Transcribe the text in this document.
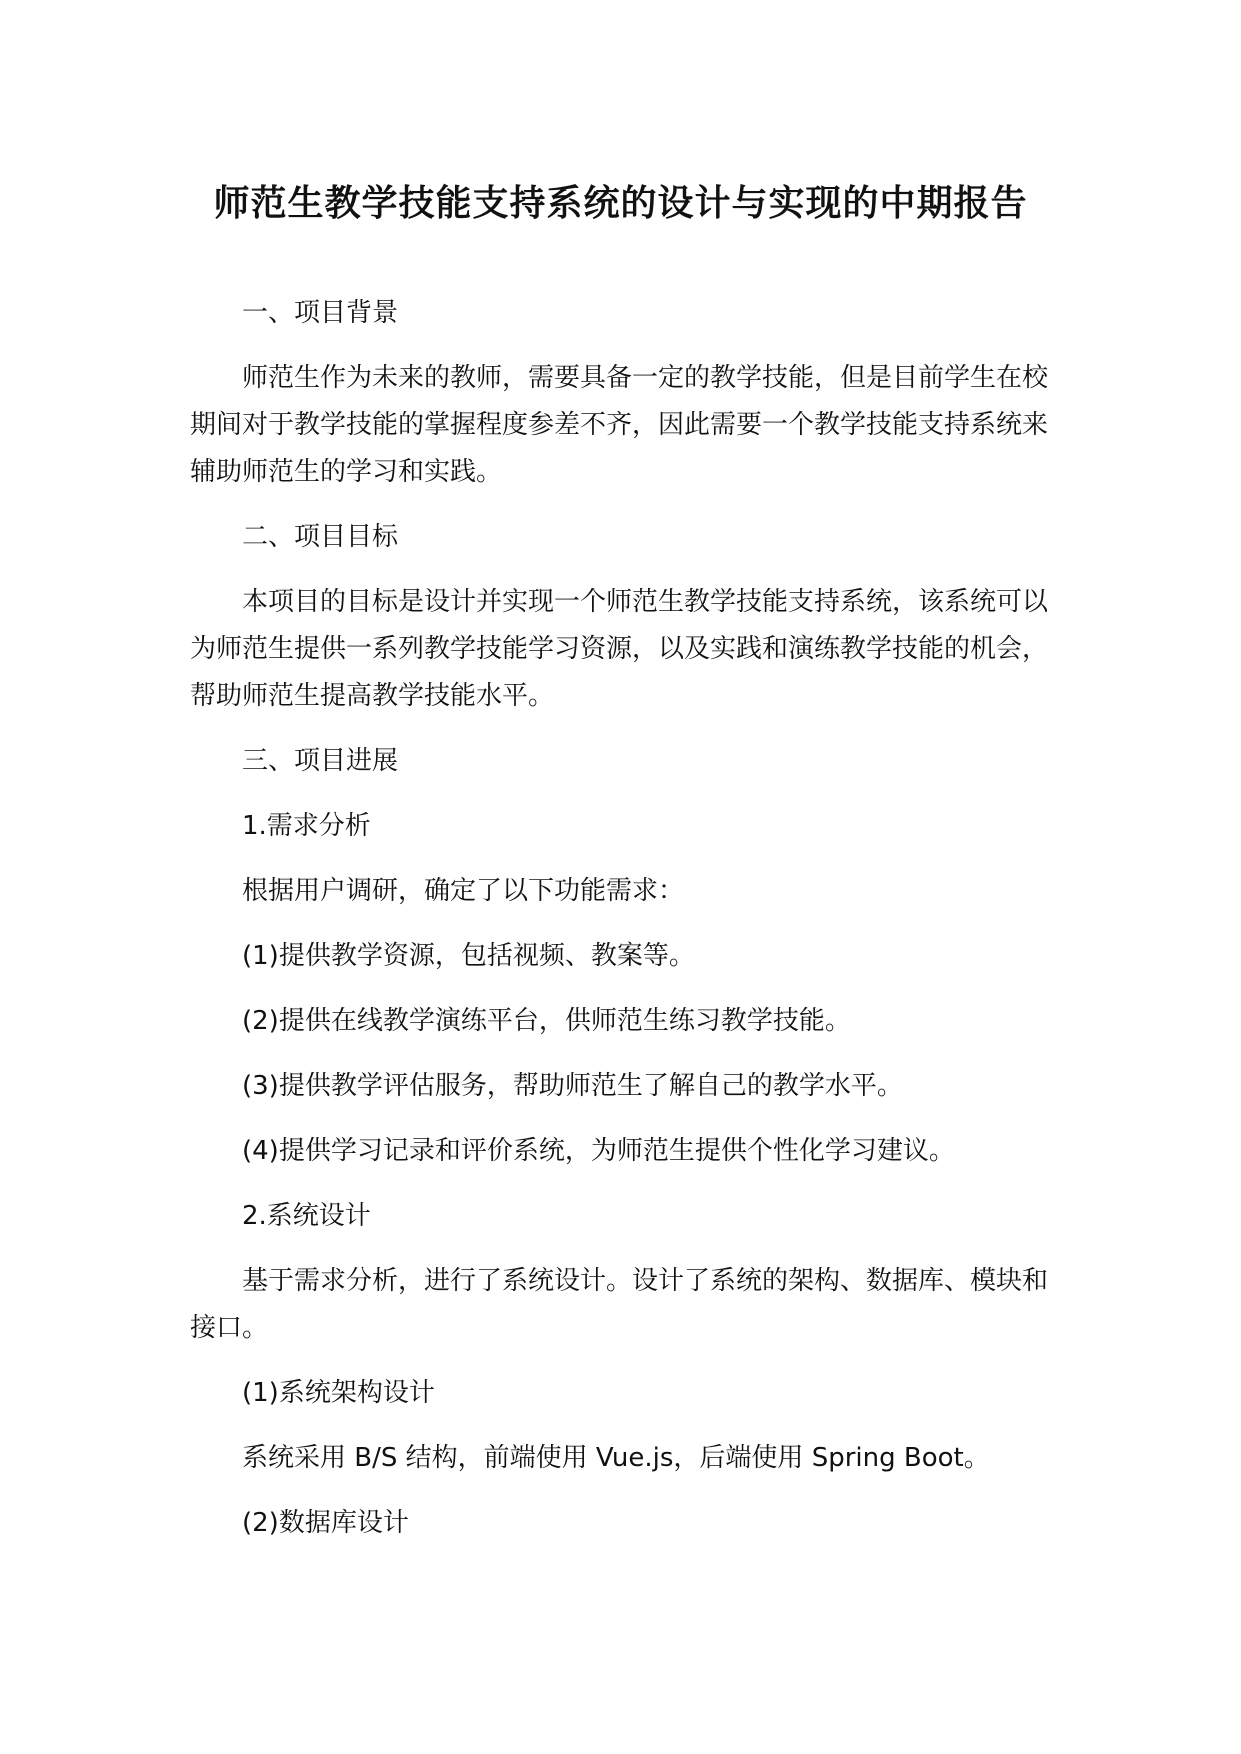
师范生教学技能支持系统的设计与实现的中期报告

一、项目背景

师范生作为未来的教师，需要具备一定的教学技能，但是目前学生在校期间对于教学技能的掌握程度参差不齐，因此需要一个教学技能支持系统来辅助师范生的学习和实践。

二、项目目标

本项目的目标是设计并实现一个师范生教学技能支持系统，该系统可以为师范生提供一系列教学技能学习资源，以及实践和演练教学技能的机会，帮助师范生提高教学技能水平。

三、项目进展

1.需求分析

根据用户调研，确定了以下功能需求：

(1)提供教学资源，包括视频、教案等。

(2)提供在线教学演练平台，供师范生练习教学技能。

(3)提供教学评估服务，帮助师范生了解自己的教学水平。

(4)提供学习记录和评价系统，为师范生提供个性化学习建议。

2.系统设计

基于需求分析，进行了系统设计。设计了系统的架构、数据库、模块和接口。

(1)系统架构设计

系统采用 B/S 结构，前端使用 Vue.js，后端使用 Spring Boot。

(2)数据库设计
